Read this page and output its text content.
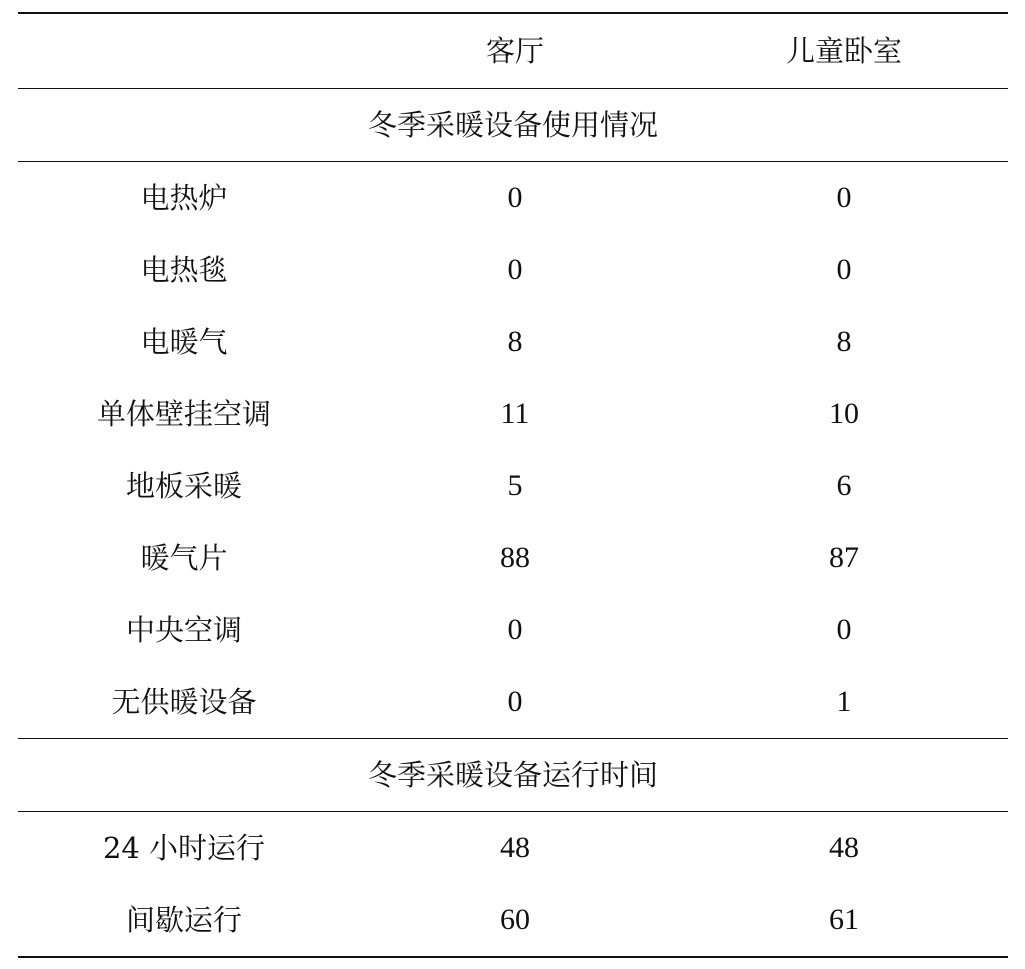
	客厅	儿童卧室
冬季采暖设备使用情况		
电热炉	0	0
电热毯	0	0
电暖气	8	8
单体壁挂空调	11	10
地板采暖	5	6
暖气片	88	87
中央空调	0	0
无供暖设备	0	1
冬季采暖设备运行时间		
24 小时运行	48	48
间歇运行	60	61
